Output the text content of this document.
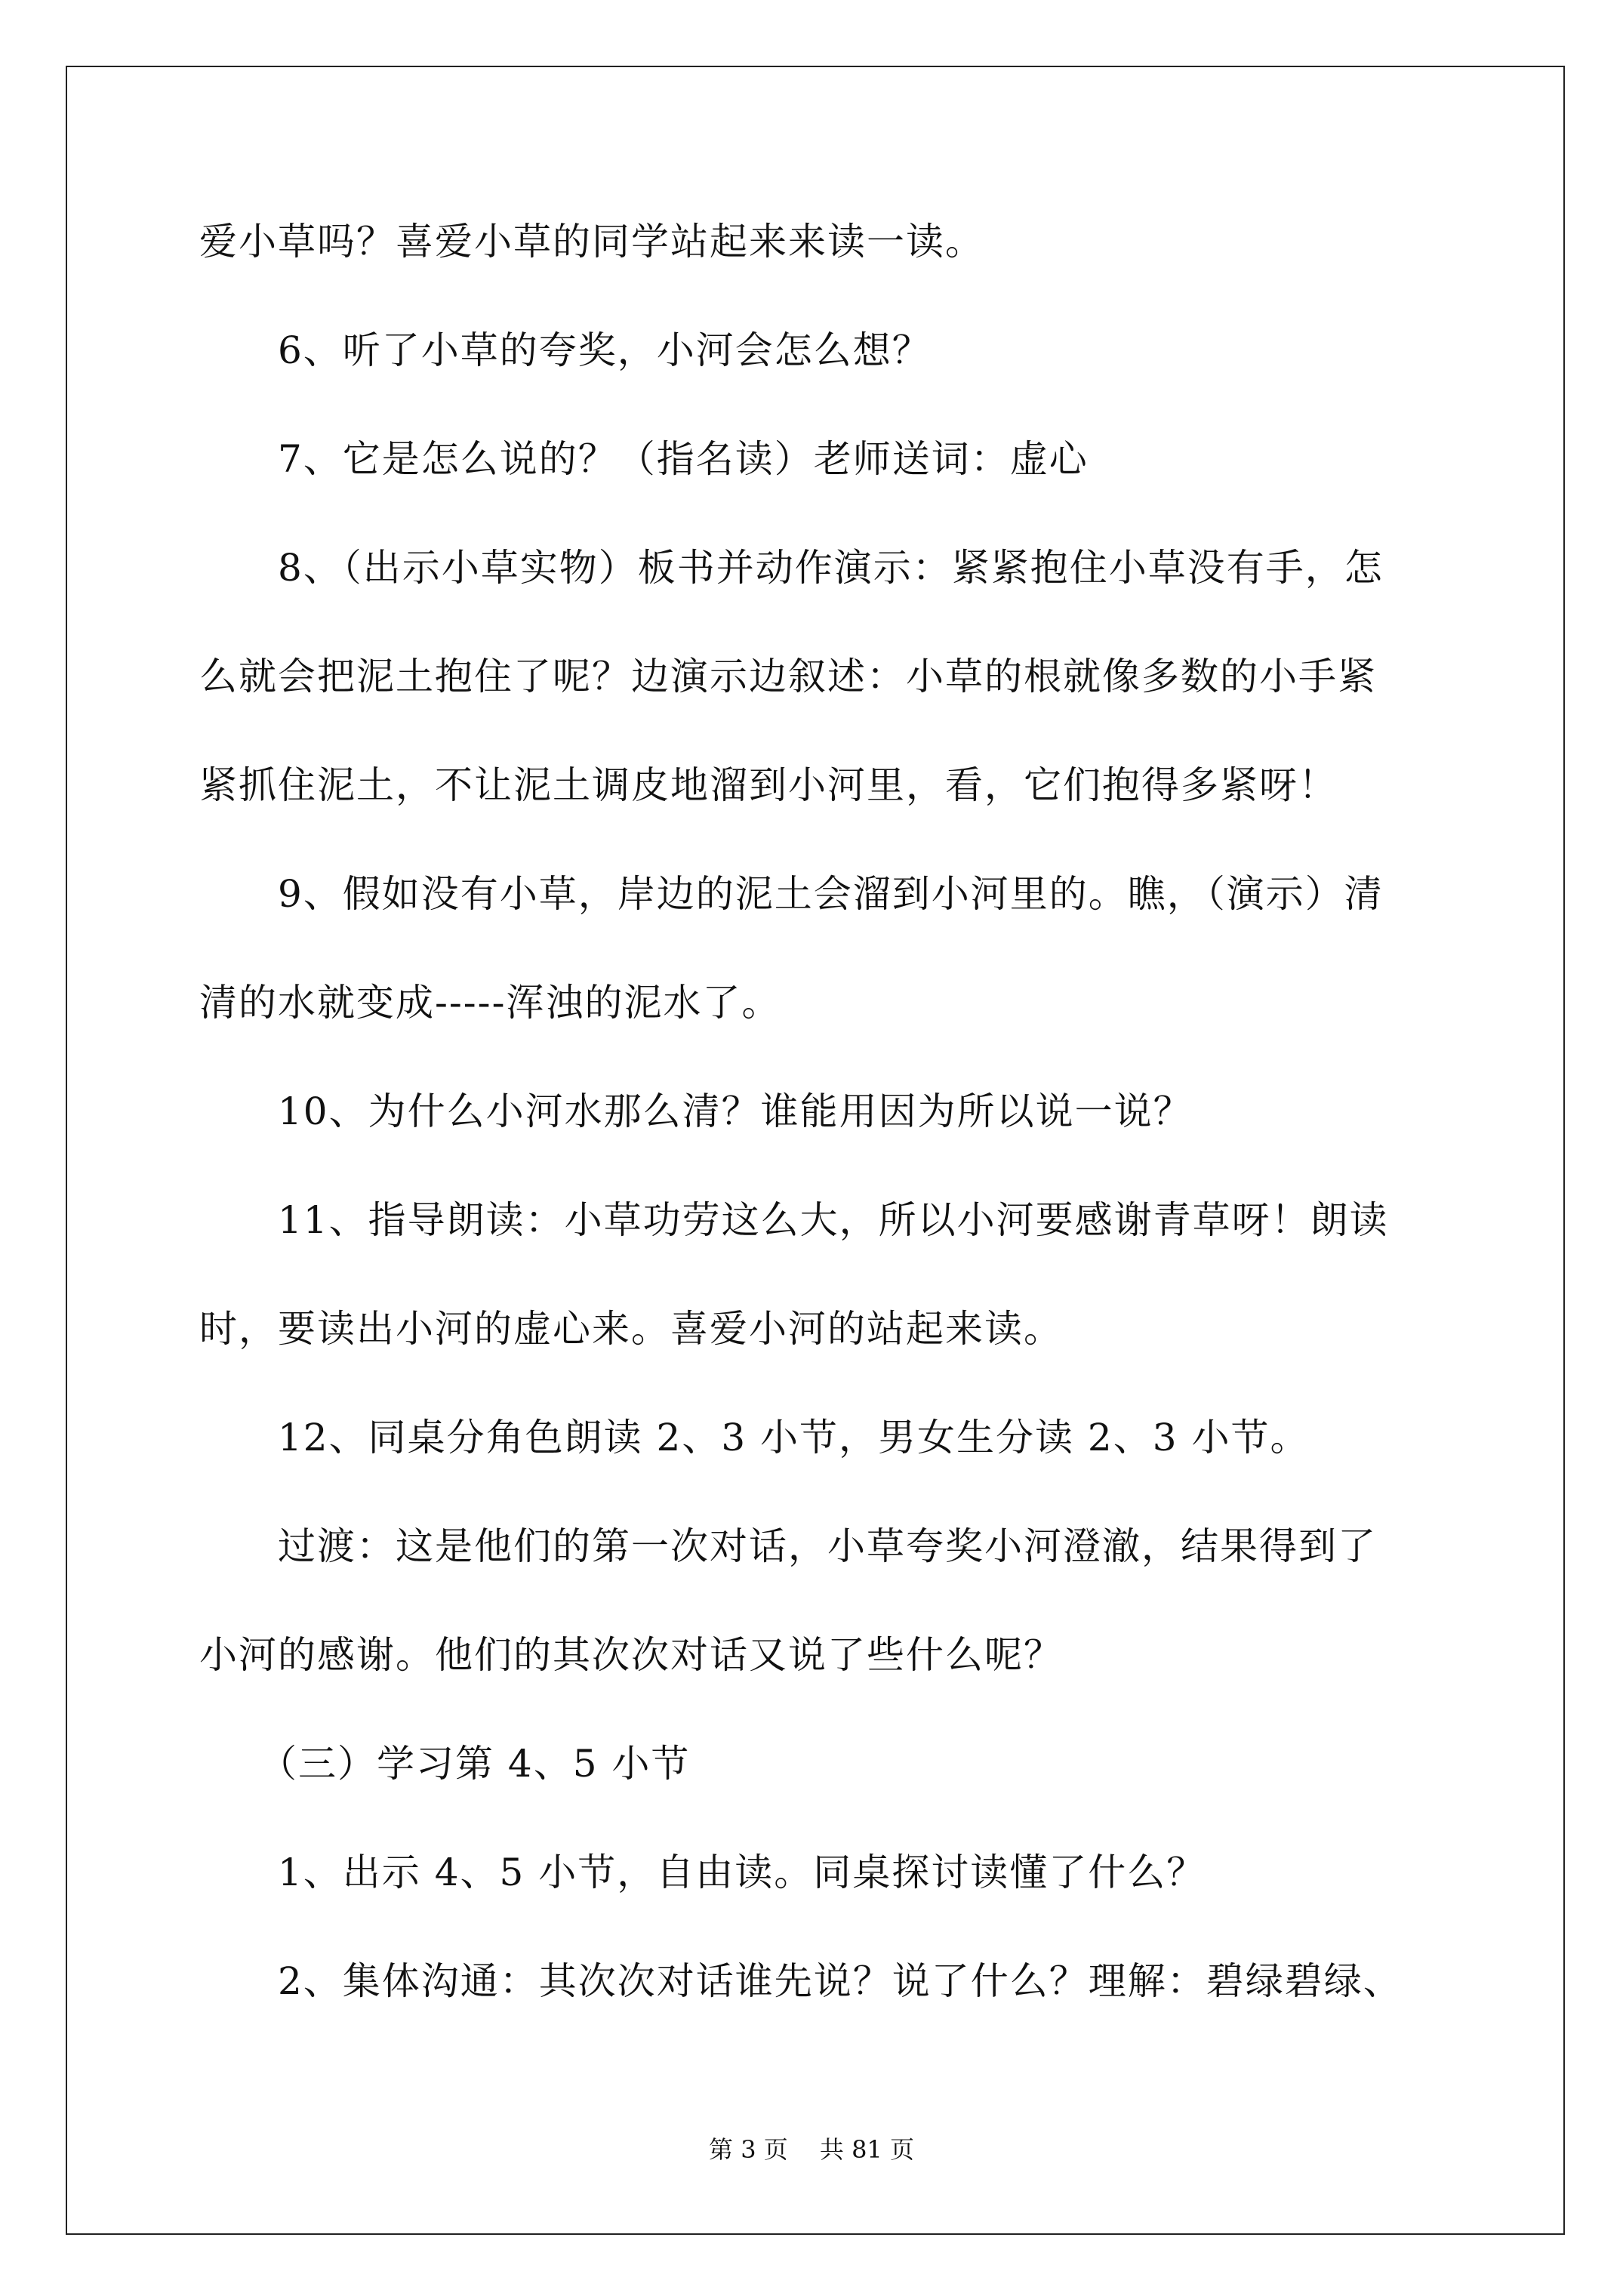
爱小草吗？喜爱小草的同学站起来来读一读。
　　6、听了小草的夸奖，小河会怎么想？
　　7、它是怎么说的？（指名读）老师送词：虚心
　　8、（出示小草实物）板书并动作演示：紧紧抱住小草没有手，怎
么就会把泥土抱住了呢？边演示边叙述：小草的根就像多数的小手紧
紧抓住泥土，不让泥土调皮地溜到小河里，看，它们抱得多紧呀！
　　9、假如没有小草，岸边的泥土会溜到小河里的。瞧，（演示）清
清的水就变成-----浑浊的泥水了。
　　10、为什么小河水那么清？谁能用因为所以说一说？
　　11、指导朗读：小草功劳这么大，所以小河要感谢青草呀！朗读
时，要读出小河的虚心来。喜爱小河的站起来读。
　　12、同桌分角色朗读 2、3 小节，男女生分读 2、3 小节。
　　过渡：这是他们的第一次对话，小草夸奖小河澄澈，结果得到了
小河的感谢。他们的其次次对话又说了些什么呢？
　　（三）学习第 4、5 小节
　　1、出示 4、5 小节，自由读。同桌探讨读懂了什么？
　　2、集体沟通：其次次对话谁先说？说了什么？理解：碧绿碧绿、
第 3 页　 共 81 页
